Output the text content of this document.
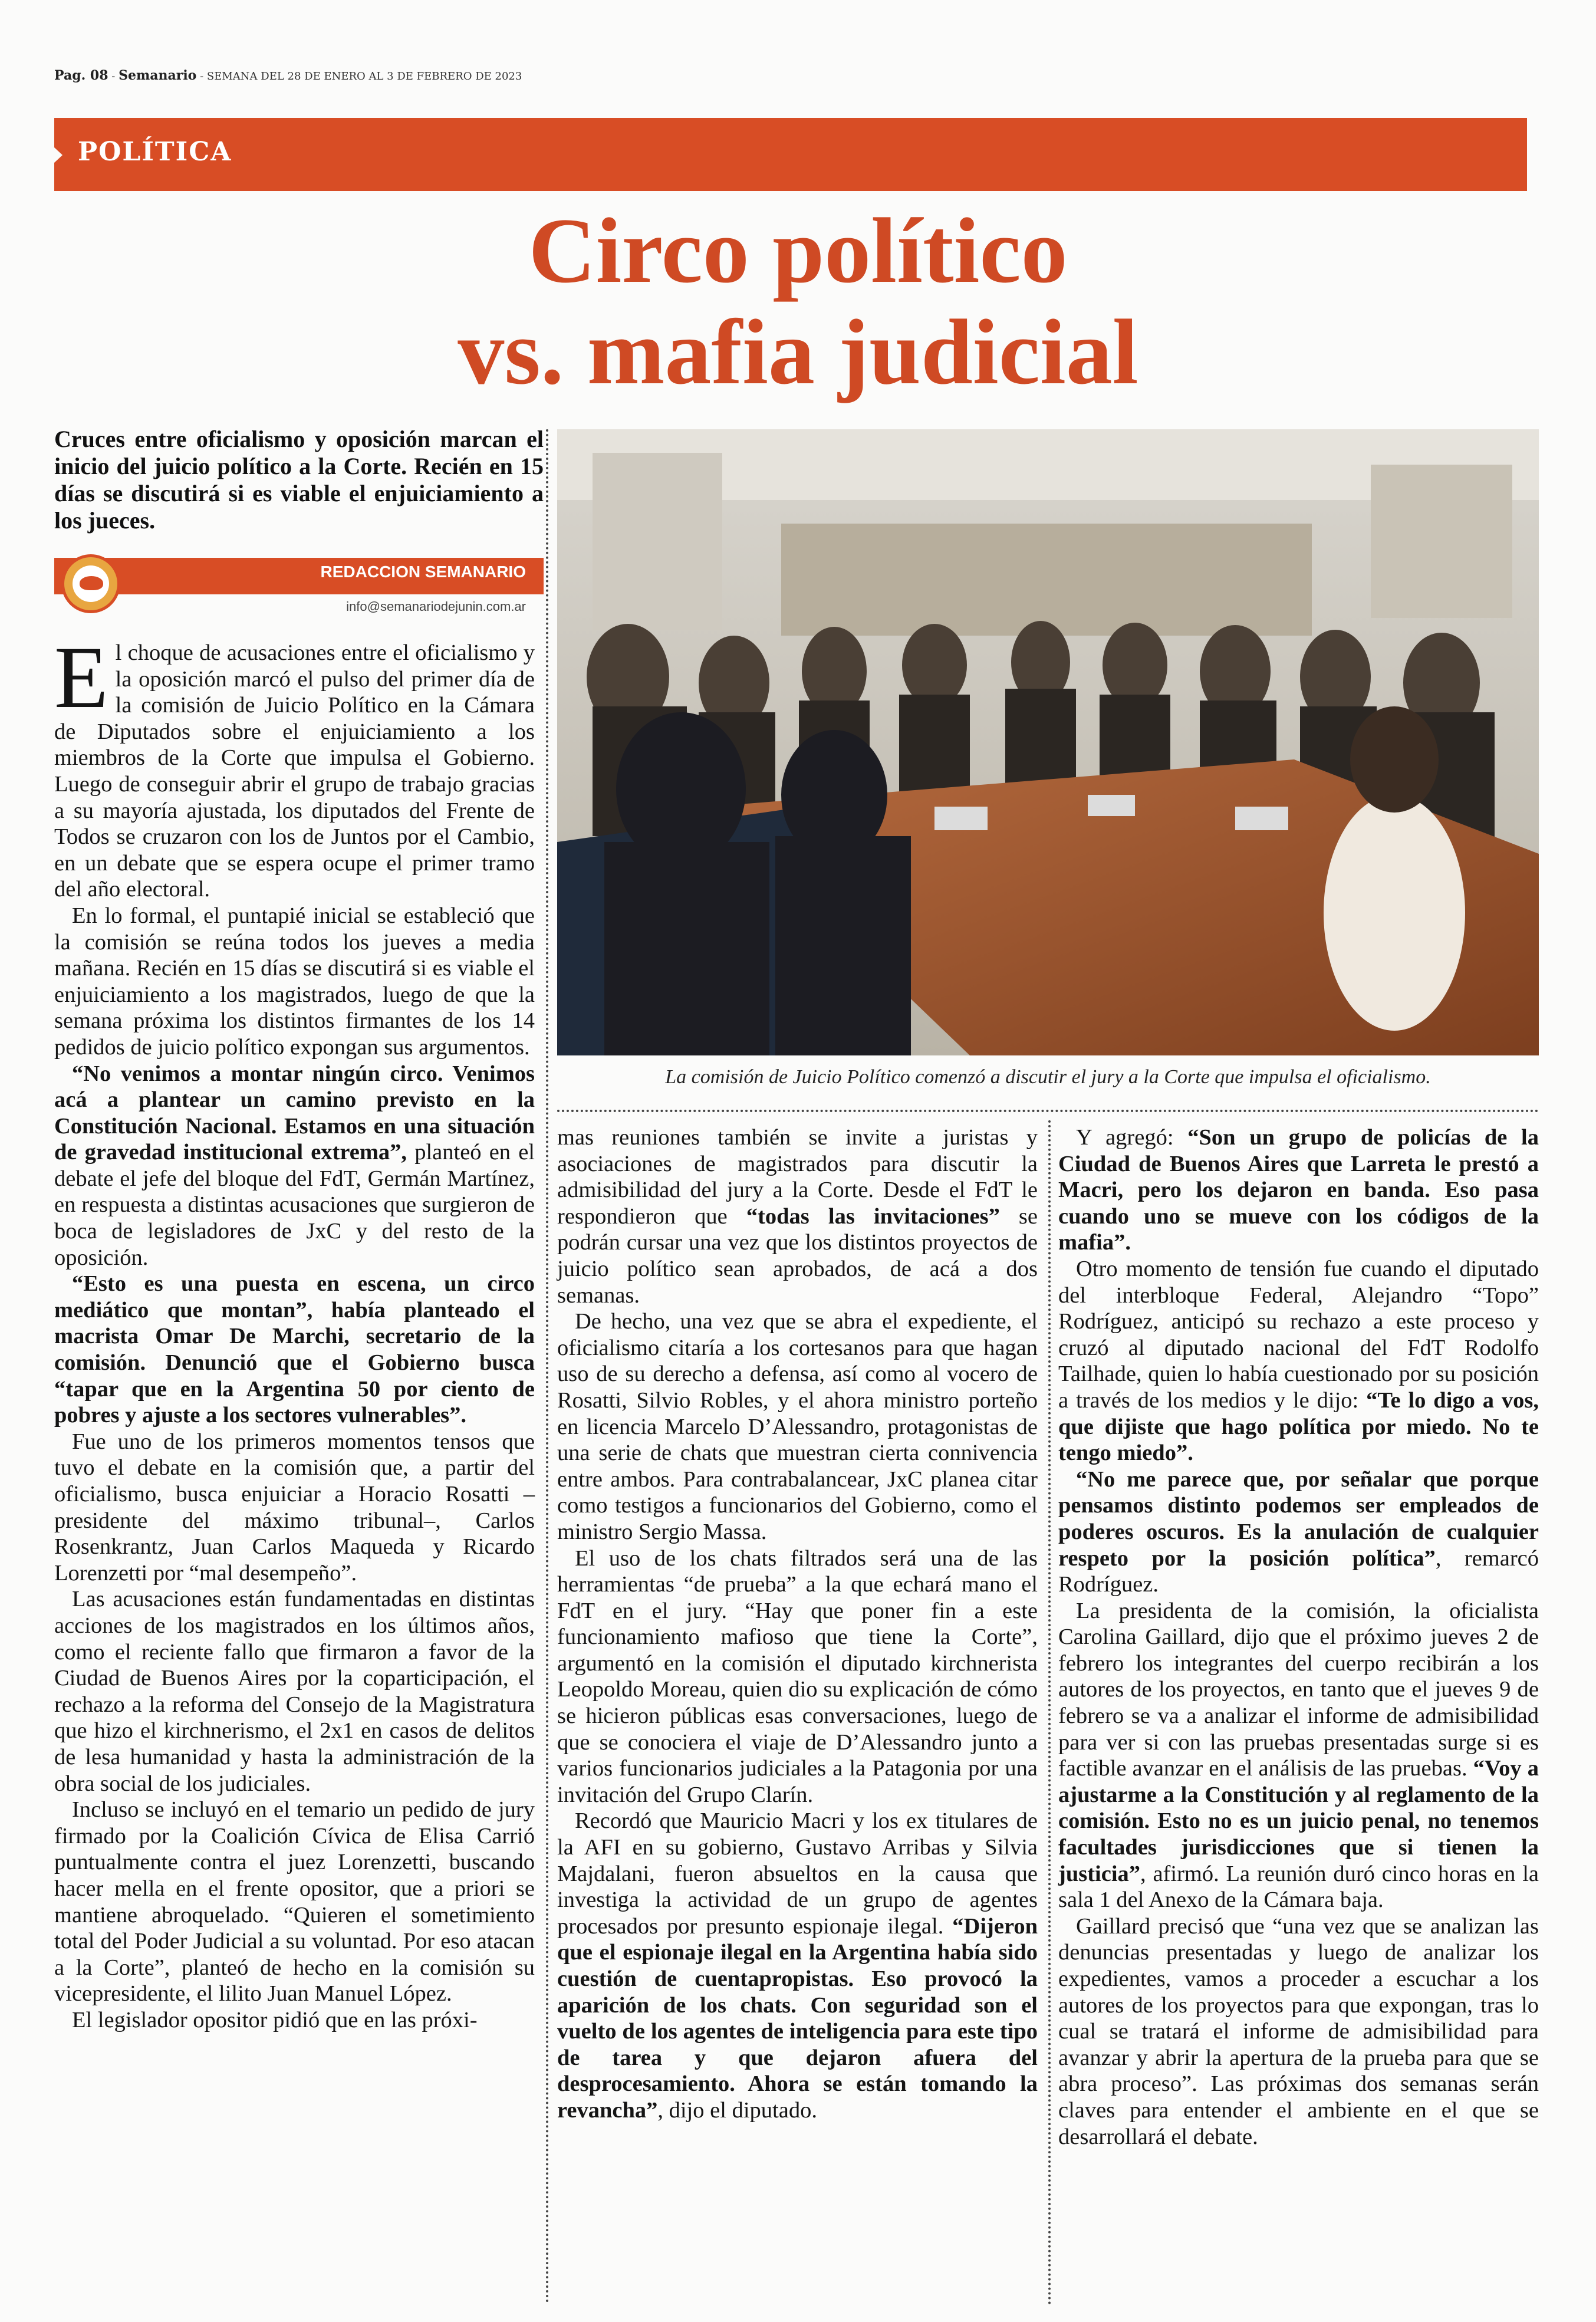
Pag. 08 - Semanario - SEMANA DEL 28 DE ENERO AL 3 DE FEBRERO DE 2023
POLÍTICA
Circo político
vs. mafia judicial
Cruces entre oficialismo y oposición marcan el inicio del juicio político a la Corte. Recién en 15 días se discutirá si es viable el enjuiciamiento a los jueces.
REDACCION SEMANARIO
info@semanariodejunin.com.ar
La comisión de Juicio Político comenzó a discutir el jury a la Corte que impulsa el oficialismo.

El choque de acusaciones entre el oficialismo y la oposición marcó el pulso del primer día de la comisión de Juicio Político en la Cámara de Diputados sobre el enjuiciamiento a los miembros de la Corte que impulsa el Gobierno. Luego de conseguir abrir el grupo de trabajo gracias a su mayoría ajustada, los diputados del Frente de Todos se cruzaron con los de Juntos por el Cambio, en un debate que se espera ocupe el primer tramo del año electoral.

En lo formal, el puntapié inicial se estableció que la comisión se reúna todos los jueves a media mañana. Recién en 15 días se discutirá si es viable el enjuiciamiento a los magistrados, luego de que la semana próxima los distintos firmantes de los 14 pedidos de juicio político expongan sus argumentos.

“No venimos a montar ningún circo. Venimos acá a plantear un camino previsto en la Constitución Nacional. Estamos en una situación de gravedad institucional extrema”, planteó en el debate el jefe del bloque del FdT, Germán Martínez, en respuesta a distintas acusaciones que surgieron de boca de legisladores de JxC y del resto de la oposición.

“Esto es una puesta en escena, un circo mediático que montan”, había planteado el macrista Omar De Marchi, secretario de la comisión. Denunció que el Gobierno busca “tapar que en la Argentina 50 por ciento de pobres y ajuste a los sectores vulnerables”.

Fue uno de los primeros momentos tensos que tuvo el debate en la comisión que, a partir del oficialismo, busca enjuiciar a Horacio Rosatti –presidente del máximo tribunal–, Carlos Rosenkrantz, Juan Carlos Maqueda y Ricardo Lorenzetti por “mal desempeño”.

Las acusaciones están fundamentadas en distintas acciones de los magistrados en los últimos años, como el reciente fallo que firmaron a favor de la Ciudad de Buenos Aires por la coparticipación, el rechazo a la reforma del Consejo de la Magistratura que hizo el kirchnerismo, el 2x1 en casos de delitos de lesa humanidad y hasta la administración de la obra social de los judiciales.

Incluso se incluyó en el temario un pedido de jury firmado por la Coalición Cívica de Elisa Carrió puntualmente contra el juez Lorenzetti, buscando hacer mella en el frente opositor, que a priori se mantiene abroquelado. “Quieren el sometimiento total del Poder Judicial a su voluntad. Por eso atacan a la Corte”, planteó de hecho en la comisión su vicepresidente, el lilito Juan Manuel López.

El legislador opositor pidió que en las próxi-

mas reuniones también se invite a juristas y asociaciones de magistrados para discutir la admisibilidad del jury a la Corte. Desde el FdT le respondieron que “todas las invitaciones” se podrán cursar una vez que los distintos proyectos de juicio político sean aprobados, de acá a dos semanas.

De hecho, una vez que se abra el expediente, el oficialismo citaría a los cortesanos para que hagan uso de su derecho a defensa, así como al vocero de Rosatti, Silvio Robles, y el ahora ministro porteño en licencia Marcelo D’Alessandro, protagonistas de una serie de chats que muestran cierta connivencia entre ambos. Para contrabalancear, JxC planea citar como testigos a funcionarios del Gobierno, como el ministro Sergio Massa.

El uso de los chats filtrados será una de las herramientas “de prueba” a la que echará mano el FdT en el jury. “Hay que poner fin a este funcionamiento mafioso que tiene la Corte”, argumentó en la comisión el diputado kirchnerista Leopoldo Moreau, quien dio su explicación de cómo se hicieron públicas esas conversaciones, luego de que se conociera el viaje de D’Alessandro junto a varios funcionarios judiciales a la Patagonia por una invitación del Grupo Clarín.

Recordó que Mauricio Macri y los ex titulares de la AFI en su gobierno, Gustavo Arribas y Silvia Majdalani, fueron absueltos en la causa que investiga la actividad de un grupo de agentes procesados por presunto espionaje ilegal. “Dijeron que el espionaje ilegal en la Argentina había sido cuestión de cuentapropistas. Eso provocó la aparición de los chats. Con seguridad son el vuelto de los agentes de inteligencia para este tipo de tarea y que dejaron afuera del desprocesamiento. Ahora se están tomando la revancha”, dijo el diputado.

Y agregó: “Son un grupo de policías de la Ciudad de Buenos Aires que Larreta le prestó a Macri, pero los dejaron en banda. Eso pasa cuando uno se mueve con los códigos de la mafia”.

Otro momento de tensión fue cuando el diputado del interbloque Federal, Alejandro “Topo” Rodríguez, anticipó su rechazo a este proceso y cruzó al diputado nacional del FdT Rodolfo Tailhade, quien lo había cuestionado por su posición a través de los medios y le dijo: “Te lo digo a vos, que dijiste que hago política por miedo. No te tengo miedo”.

“No me parece que, por señalar que porque pensamos distinto podemos ser empleados de poderes oscuros. Es la anulación de cualquier respeto por la posición política”, remarcó Rodríguez.

La presidenta de la comisión, la oficialista Carolina Gaillard, dijo que el próximo jueves 2 de febrero los integrantes del cuerpo recibirán a los autores de los proyectos, en tanto que el jueves 9 de febrero se va a analizar el informe de admisibilidad para ver si con las pruebas presentadas surge si es factible avanzar en el análisis de las pruebas. “Voy a ajustarme a la Constitución y al reglamento de la comisión. Esto no es un juicio penal, no tenemos facultades jurisdicciones que si tienen la justicia”, afirmó. La reunión duró cinco horas en la sala 1 del Anexo de la Cámara baja.

Gaillard precisó que “una vez que se analizan las denuncias presentadas y luego de analizar los expedientes, vamos a proceder a escuchar a los autores de los proyectos para que expongan, tras lo cual se tratará el informe de admisibilidad para avanzar y abrir la apertura de la prueba para que se abra proceso”. Las próximas dos semanas serán claves para entender el ambiente en el que se desarrollará el debate.
